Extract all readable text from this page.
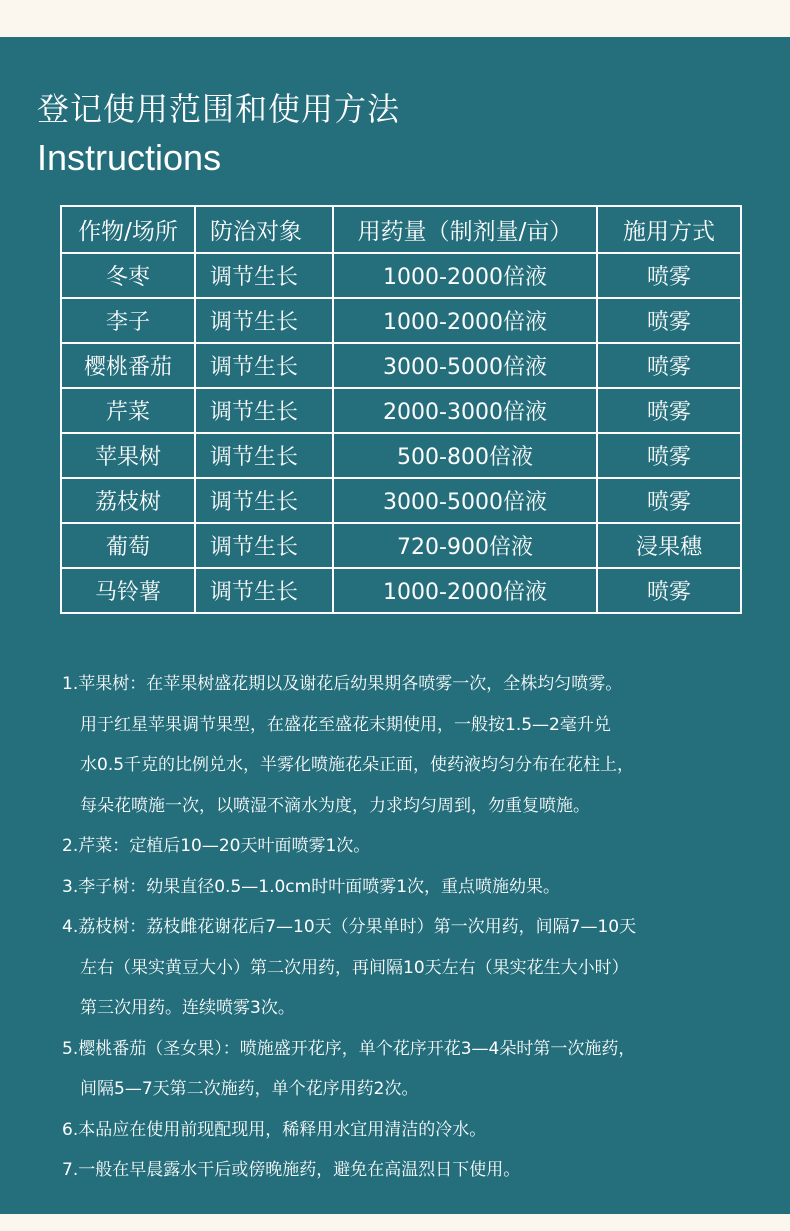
登记使用范围和使用方法
Instructions
作物/场所	防治对象	用药量（制剂量/亩）	施用方式
冬枣	调节生长	1000-2000倍液	喷雾
李子	调节生长	1000-2000倍液	喷雾
樱桃番茄	调节生长	3000-5000倍液	喷雾
芹菜	调节生长	2000-3000倍液	喷雾
苹果树	调节生长	500-800倍液	喷雾
荔枝树	调节生长	3000-5000倍液	喷雾
葡萄	调节生长	720-900倍液	浸果穗
马铃薯	调节生长	1000-2000倍液	喷雾

1.苹果树：在苹果树盛花期以及谢花后幼果期各喷雾一次，全株均匀喷雾。
用于红星苹果调节果型，在盛花至盛花末期使用，一般按1.5—2毫升兑
水0.5千克的比例兑水，半雾化喷施花朵正面，使药液均匀分布在花柱上，
每朵花喷施一次，以喷湿不滴水为度，力求均匀周到，勿重复喷施。

2.芹菜：定植后10—20天叶面喷雾1次。

3.李子树：幼果直径0.5—1.0cm时叶面喷雾1次，重点喷施幼果。

4.荔枝树：荔枝雌花谢花后7—10天（分果单时）第一次用药，间隔7—10天
左右（果实黄豆大小）第二次用药，再间隔10天左右（果实花生大小时）
第三次用药。连续喷雾3次。

5.樱桃番茄（圣女果）：喷施盛开花序，单个花序开花3—4朵时第一次施药，
间隔5—7天第二次施药，单个花序用药2次。

6.本品应在使用前现配现用，稀释用水宜用清洁的冷水。

7.一般在早晨露水干后或傍晚施药，避免在高温烈日下使用。
